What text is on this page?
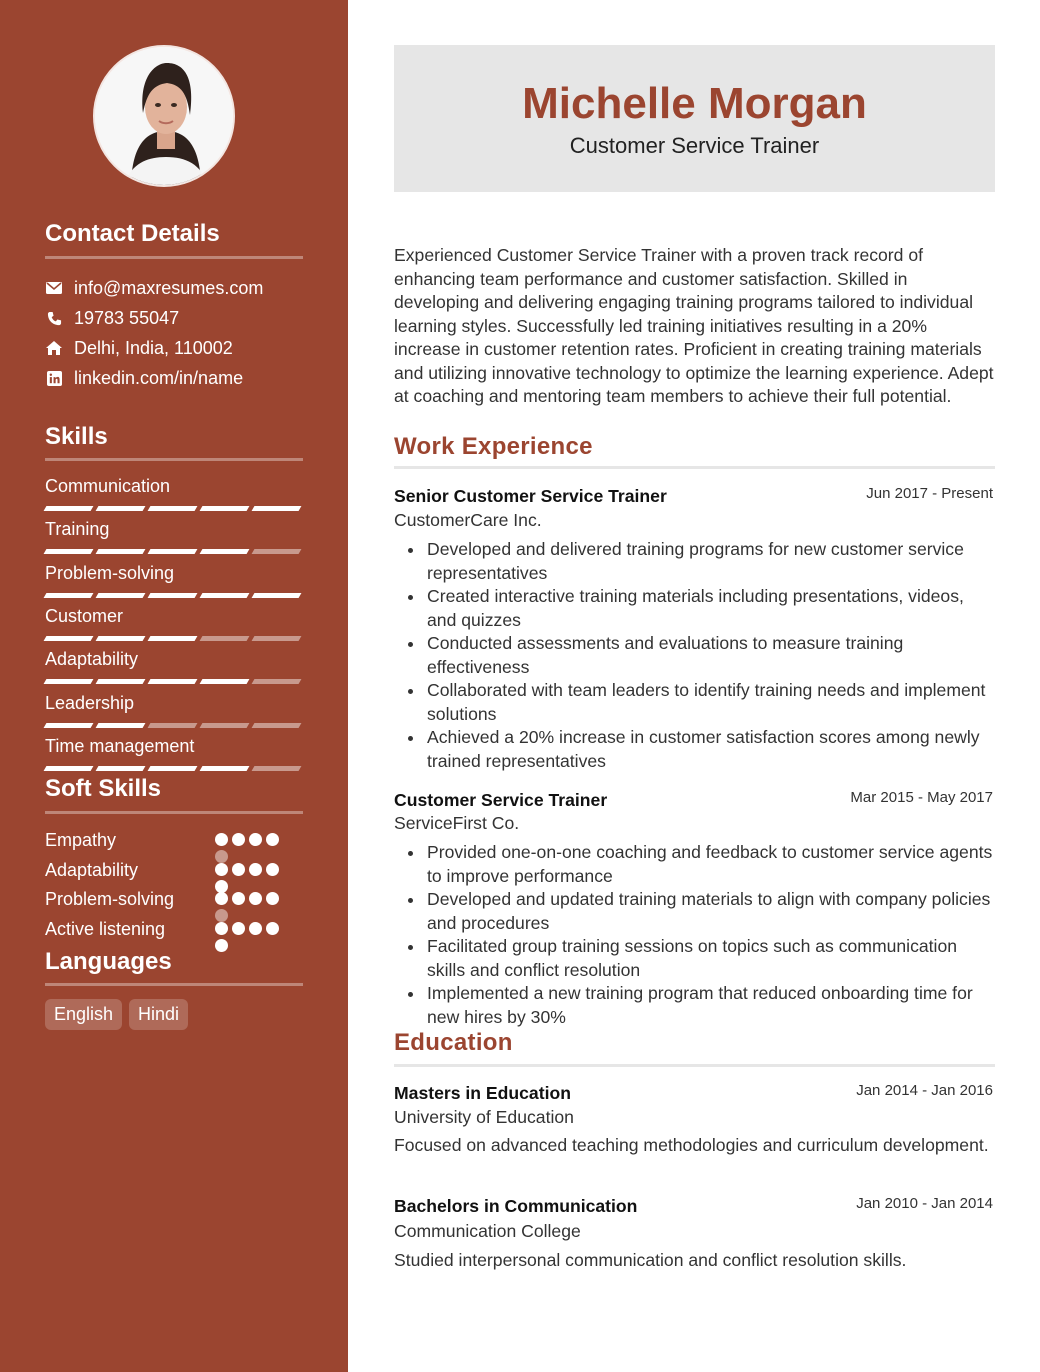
Contact Details
info@maxresumes.com
19783 55047
Delhi, India, 110002
linkedin.com/in/name
Skills
Communication
Training
Problem-solving
Customer
Adaptability
Leadership
Time management
Soft Skills
Empathy
Adaptability
Problem-solving
Active listening
Languages
English	Hindi
Michelle Morgan
Customer Service Trainer
Experienced Customer Service Trainer with a proven track record of enhancing team performance and customer satisfaction. Skilled in developing and delivering engaging training programs tailored to individual learning styles. Successfully led training initiatives resulting in a 20% increase in customer retention rates. Proficient in creating training materials and utilizing innovative technology to optimize the learning experience. Adept at coaching and mentoring team members to achieve their full potential.
Work Experience
Senior Customer Service Trainer	Jun 2017 - Present
CustomerCare Inc.
Developed and delivered training programs for new customer service representatives
Created interactive training materials including presentations, videos, and quizzes
Conducted assessments and evaluations to measure training effectiveness
Collaborated with team leaders to identify training needs and implement solutions
Achieved a 20% increase in customer satisfaction scores among newly trained representatives
Customer Service Trainer	Mar 2015 - May 2017
ServiceFirst Co.
Provided one-on-one coaching and feedback to customer service agents to improve performance
Developed and updated training materials to align with company policies and procedures
Facilitated group training sessions on topics such as communication skills and conflict resolution
Implemented a new training program that reduced onboarding time for new hires by 30%
Education
Masters in Education	Jan 2014 - Jan 2016
University of Education
Focused on advanced teaching methodologies and curriculum development.
Bachelors in Communication	Jan 2010 - Jan 2014
Communication College
Studied interpersonal communication and conflict resolution skills.
